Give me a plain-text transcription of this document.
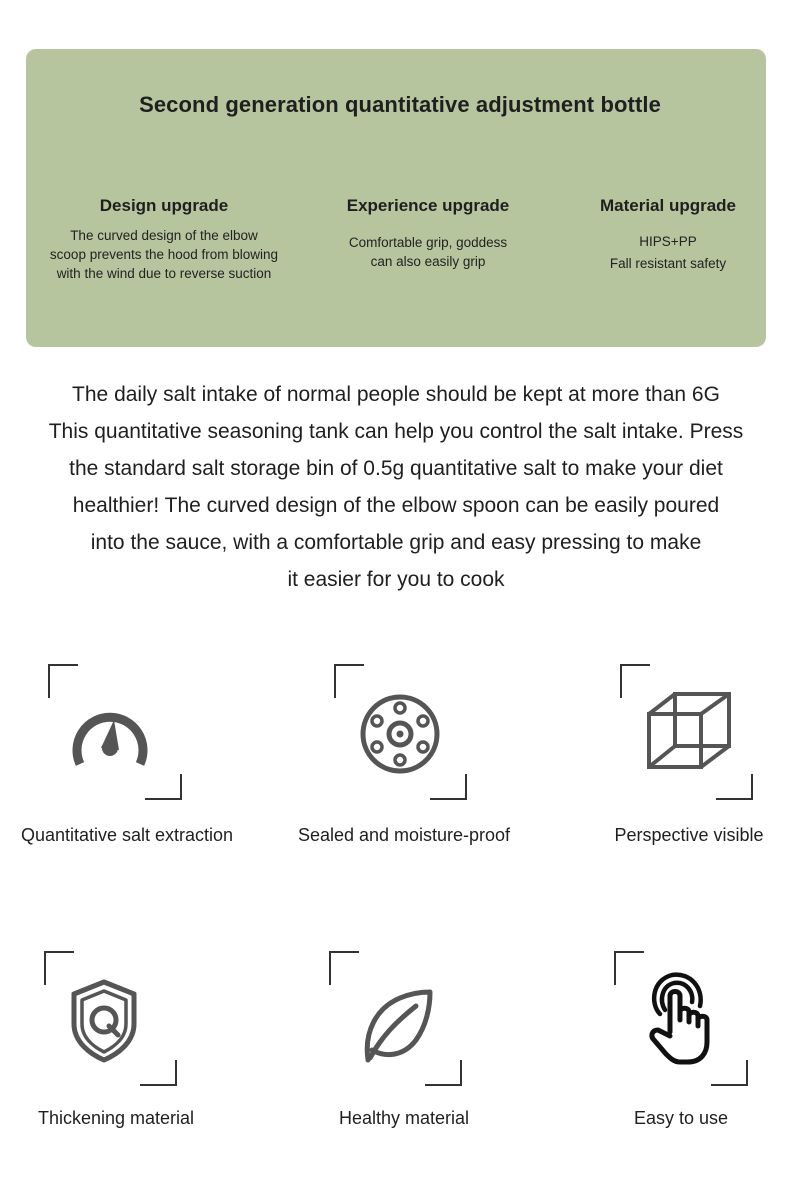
Second generation quantitative adjustment bottle

Design upgrade

The curved design of the elbow
scoop prevents the hood from blowing
with the wind due to reverse suction

Experience upgrade

Comfortable grip, goddess
can also easily grip

Material upgrade

HIPS+PP
Fall resistant safety

The daily salt intake of normal people should be kept at more than 6G
This quantitative seasoning tank can help you control the salt intake. Press
the standard salt storage bin of 0.5g quantitative salt to make your diet
healthier! The curved design of the elbow spoon can be easily poured
into the sauce, with a comfortable grip and easy pressing to make
it easier for you to cook
Quantitative salt extraction	Sealed and moisture-proof	Perspective visible
Thickening material	Healthy material	Easy to use
